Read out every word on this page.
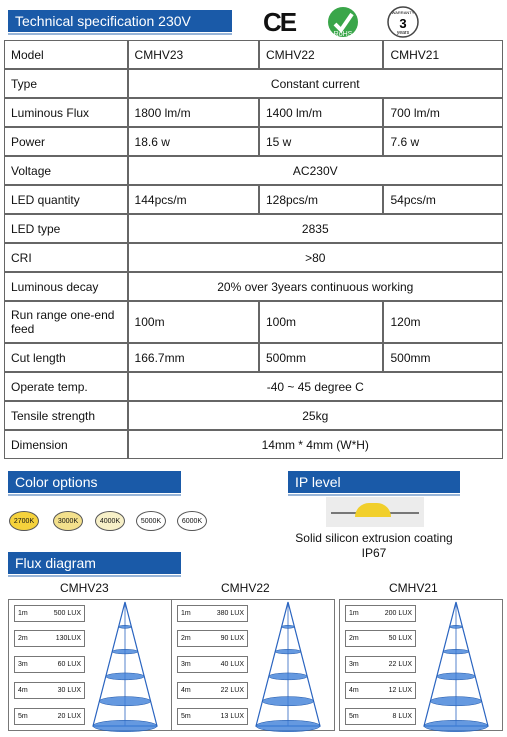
Technical specification 230V	CE	RoHS
WARRANTY
3
years
Model	CMHV23	CMHV22	CMHV21
Type	Constant current		
Luminous Flux	1800 lm/m	1400 lm/m	700 lm/m
Power	18.6 w	15 w	7.6 w
Voltage	AC230V		
LED quantity	144pcs/m	128pcs/m	54pcs/m
LED type	2835		
CRI	>80		
Luminous decay	20% over 3years continuous working		
Run range one-end feed	100m	100m	120m
Cut length	166.7mm	500mm	500mm
Operate temp.	-40 ~ 45 degree C		
Tensile strength	25kg		
Dimension	14mm * 4mm (W*H)		
Color options
2700K	3000K	4000K	5000K	6000K
IP level
Solid silicon extrusion coating
IP67
Flux diagram
CMHV23	CMHV22	CMHV21
1m	500 LUX
2m	130LUX
3m	60 LUX
4m	30 LUX
5m	20 LUX
1m	380 LUX
2m	90 LUX
3m	40 LUX
4m	22 LUX
5m	13 LUX
1m	200 LUX
2m	50 LUX
3m	22 LUX
4m	12 LUX
5m	8 LUX
